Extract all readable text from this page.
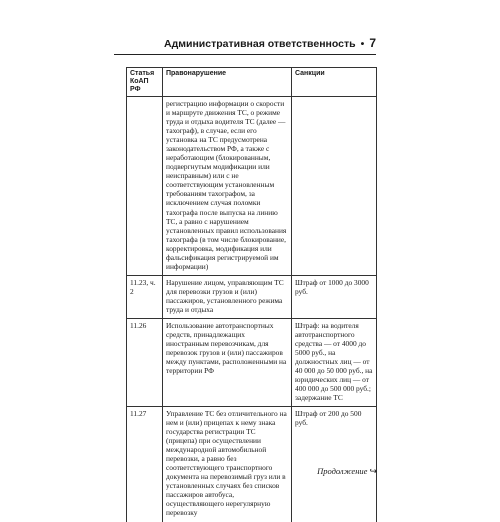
Административная ответственность • 7
Статья КоАП РФ	Правонарушение	Санкции
	регистрацию информации о скорости и маршруте движения ТС, о режиме труда и отдыха водителя ТС (далее — тахограф), в случае, если его установка на ТС предусмотрена законодательством РФ, а также с неработающим (блокированным, подвергнутым модификации или неисправным) или с не соответствующим установленным требованиям тахографом, за исключением случая поломки тахографа после выпуска на линию ТС, а равно с нарушением установленных правил использования тахографа (в том числе блокирование, корректировка, модификация или фальсификация регистрируемой им информации)	
11.23, ч. 2	Нарушение лицом, управляющим ТС для перевозки грузов и (или) пассажиров, установленного режима труда и отдыха	Штраф от 1000 до 3000 руб.
11.26	Использование автотранспортных средств, принадлежащих иностранным перевозчикам, для перевозок грузов и (или) пассажиров между пунктами, расположенными на территории РФ	Штраф: на водителя автотранспортного средства — от 4000 до 5000 руб., на должностных лиц — от 40 000 до 50 000 руб., на юридических лиц — от 400 000 до 500 000 руб.; задержание ТС
11.27	Управление ТС без отличительного на нем и (или) прицепах к нему знака государства регистрации ТС (прицепа) при осуществлении международной автомобильной перевозки, а равно без соответствующего транспортного документа на перевозимый груз или в установленных случаях без списков пассажиров автобуса, осуществляющего нерегулярную перевозку	Штраф от 200 до 500 руб.
Продолжение ↪
